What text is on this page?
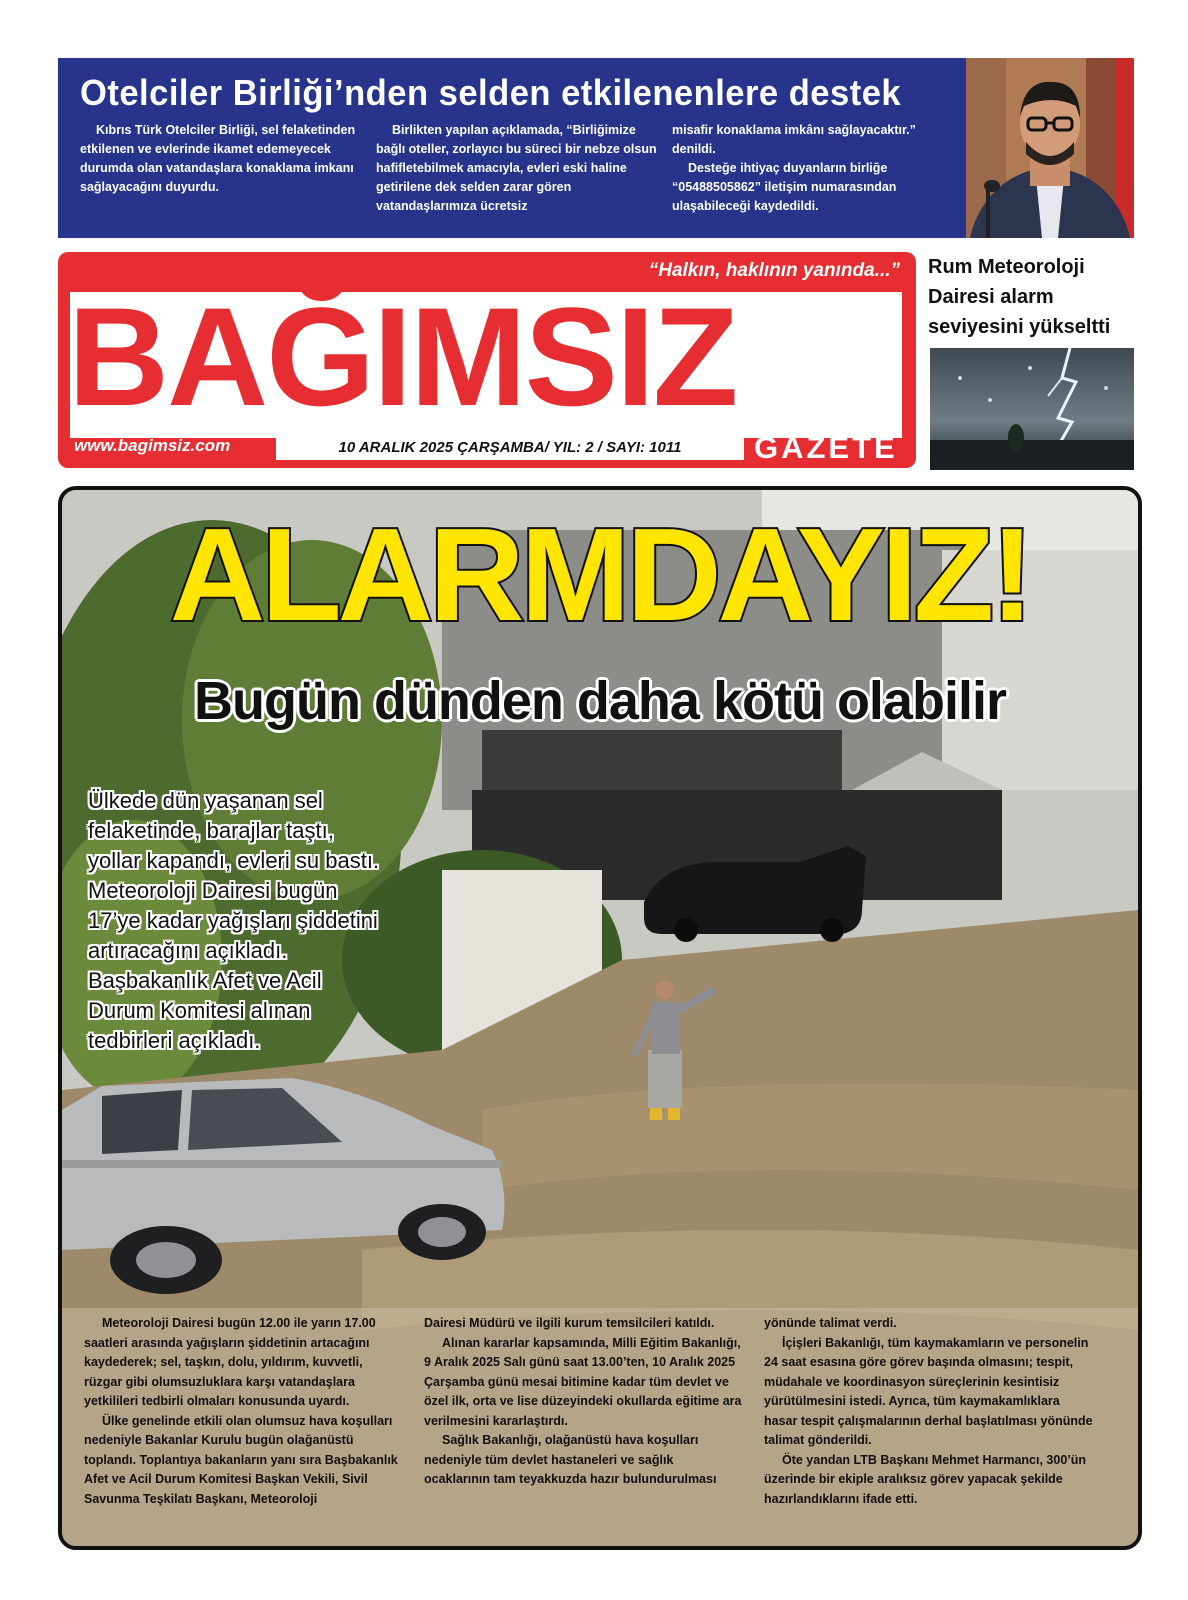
Otelciler Birliği’nden selden etkilenenlere destek

Kıbrıs Türk Otelciler Birliği, sel felaketinden etkilenen ve evlerinde ikamet edemeyecek durumda olan vatandaşlara konaklama imkanı sağlayacağını duyurdu.

Birlikten yapılan açıklamada, “Birliğimize bağlı oteller, zorlayıcı bu süreci bir nebze olsun hafifletebilmek amacıyla, evleri eski haline getirilene dek selden zarar gören vatandaşlarımıza ücretsiz

misafir konaklama imkânı sağlayacaktır.” denildi.

Desteğe ihtiyaç duyanların birliğe “05488505862” iletişim numarasından ulaşabileceği kaydedildi.

“Halkın, haklının yanında...”
BAĞIMSIZ
www.bagimsiz.com	10 ARALIK 2025 ÇARŞAMBA/ YIL: 2 / SAYI: 1011	GAZETE
Rum Meteoroloji
Dairesi alarm
seviyesini yükseltti
ALARMDAYIZ!
Bugün dünden daha kötü olabilir
Ülkede dün yaşanan sel felaketinde, barajlar taştı, yollar kapandı, evleri su bastı. Meteoroloji Dairesi bugün 17’ye kadar yağışları şiddetini artıracağını açıkladı. Başbakanlık Afet ve Acil Durum Komitesi alınan tedbirleri açıkladı.

Meteoroloji Dairesi bugün 12.00 ile yarın 17.00 saatleri arasında yağışların şiddetinin artacağını kaydederek; sel, taşkın, dolu, yıldırım, kuvvetli, rüzgar gibi olumsuzluklara karşı vatandaşlara yetkilileri tedbirli olmaları konusunda uyardı.

Ülke genelinde etkili olan olumsuz hava koşulları nedeniyle Bakanlar Kurulu bugün olağanüstü toplandı. Toplantıya bakanların yanı sıra Başbakanlık Afet ve Acil Durum Komitesi Başkan Vekili, Sivil Savunma Teşkilatı Başkanı, Meteoroloji

Dairesi Müdürü ve ilgili kurum temsilcileri katıldı.

Alınan kararlar kapsamında, Milli Eğitim Bakanlığı, 9 Aralık 2025 Salı günü saat 13.00’ten, 10 Aralık 2025 Çarşamba günü mesai bitimine kadar tüm devlet ve özel ilk, orta ve lise düzeyindeki okullarda eğitime ara verilmesini kararlaştırdı.

Sağlık Bakanlığı, olağanüstü hava koşulları nedeniyle tüm devlet hastaneleri ve sağlık ocaklarının tam teyakkuzda hazır bulundurulması

yönünde talimat verdi.

İçişleri Bakanlığı, tüm kaymakamların ve personelin 24 saat esasına göre görev başında olmasını; tespit, müdahale ve koordinasyon süreçlerinin kesintisiz yürütülmesini istedi. Ayrıca, tüm kaymakamlıklara hasar tespit çalışmalarının derhal başlatılması yönünde talimat gönderildi.

Öte yandan LTB Başkanı Mehmet Harmancı, 300’ün üzerinde bir ekiple aralıksız görev yapacak şekilde hazırlandıklarını ifade etti.
